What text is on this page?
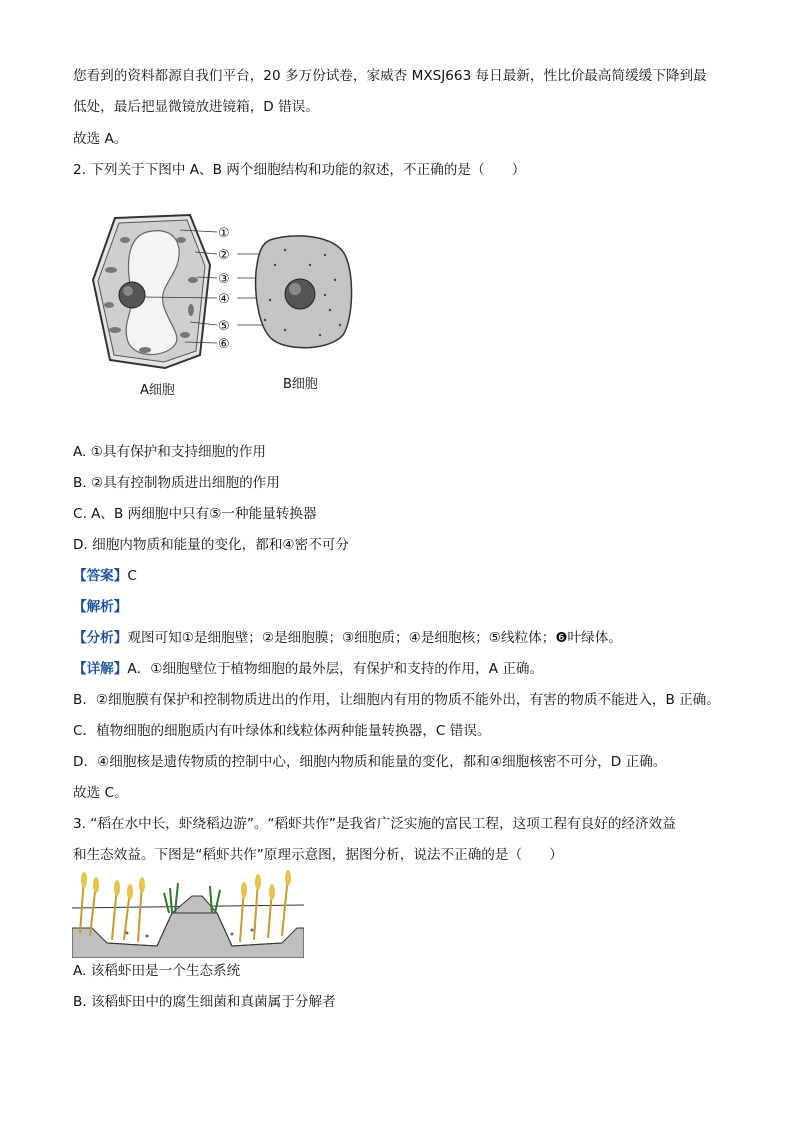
您看到的资料都源自我们平台，20 多万份试卷，家威杏 MXSJ663 每日最新，性比价最高简缓缓下降到最
低处，最后把显微镜放进镜箱，D 错误。
故选 A。
2. 下列关于下图中 A、B 两个细胞结构和功能的叙述，不正确的是（　　）
①
②
③
④
⑤
⑥
A细胞	B细胞
A. ①具有保护和支持细胞的作用
B. ②具有控制物质进出细胞的作用
C. A、B 两细胞中只有⑤一种能量转换器
D. 细胞内物质和能量的变化，都和④密不可分
【答案】C
【解析】
【分析】观图可知①是细胞壁；②是细胞膜；③细胞质；④是细胞核；⑤线粒体；❻叶绿体。
【详解】A．①细胞壁位于植物细胞的最外层，有保护和支持的作用，A 正确。
B．②细胞膜有保护和控制物质进出的作用，让细胞内有用的物质不能外出，有害的物质不能进入，B 正确。
C．植物细胞的细胞质内有叶绿体和线粒体两种能量转换器，C 错误。
D．④细胞核是遗传物质的控制中心，细胞内物质和能量的变化，都和④细胞核密不可分，D 正确。
故选 C。
3. “稻在水中长，虾绕稻边游”。“稻虾共作”是我省广泛实施的富民工程，这项工程有良好的经济效益
和生态效益。下图是“稻虾共作”原理示意图，据图分析，说法不正确的是（　　）
A. 该稻虾田是一个生态系统
B. 该稻虾田中的腐生细菌和真菌属于分解者
